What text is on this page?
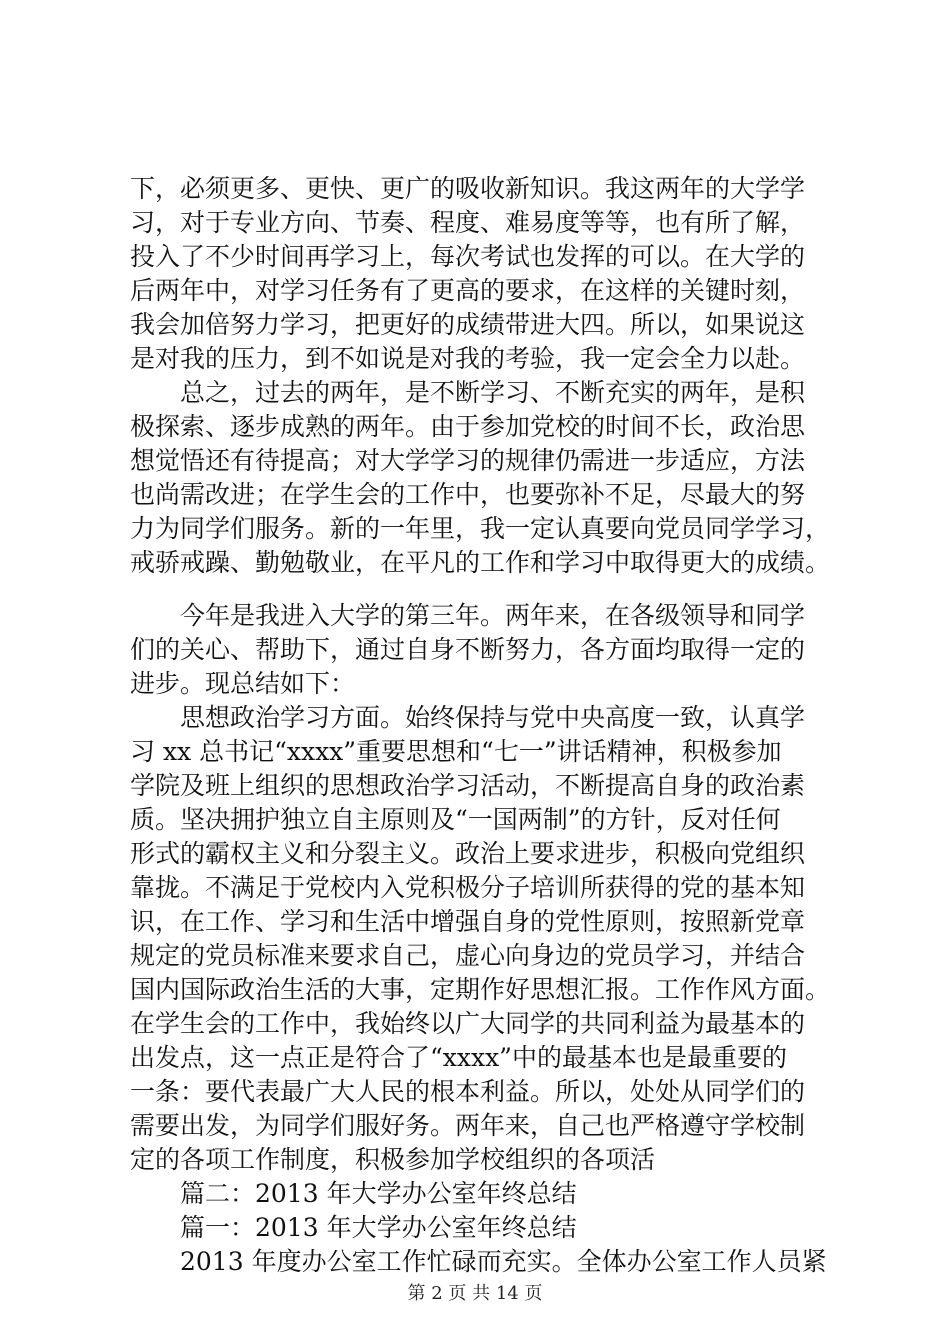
下，必须更多、更快、更广的吸收新知识。我这两年的大学学
习，对于专业方向、节奏、程度、难易度等等，也有所了解，
投入了不少时间再学习上，每次考试也发挥的可以。在大学的
后两年中，对学习任务有了更高的要求，在这样的关键时刻，
我会加倍努力学习，把更好的成绩带进大四。所以，如果说这
是对我的压力，到不如说是对我的考验，我一定会全力以赴。
　　总之，过去的两年，是不断学习、不断充实的两年，是积
极探索、逐步成熟的两年。由于参加党校的时间不长，政治思
想觉悟还有待提高；对大学学习的规律仍需进一步适应，方法
也尚需改进；在学生会的工作中，也要弥补不足，尽最大的努
力为同学们服务。新的一年里，我一定认真要向党员同学学习，
戒骄戒躁、勤勉敬业，在平凡的工作和学习中取得更大的成绩。
　　今年是我进入大学的第三年。两年来，在各级领导和同学
们的关心、帮助下，通过自身不断努力，各方面均取得一定的
进步。现总结如下：
　　思想政治学习方面。始终保持与党中央高度一致，认真学
习 xx 总书记“xxxx”重要思想和“七一”讲话精神，积极参加
学院及班上组织的思想政治学习活动，不断提高自身的政治素
质。坚决拥护独立自主原则及“一国两制”的方针，反对任何
形式的霸权主义和分裂主义。政治上要求进步，积极向党组织
靠拢。不满足于党校内入党积极分子培训所获得的党的基本知
识，在工作、学习和生活中增强自身的党性原则，按照新党章
规定的党员标准来要求自己，虚心向身边的党员学习，并结合
国内国际政治生活的大事，定期作好思想汇报。工作作风方面。
在学生会的工作中，我始终以广大同学的共同利益为最基本的
出发点，这一点正是符合了“xxxx”中的最基本也是最重要的
一条：要代表最广大人民的根本利益。所以，处处从同学们的
需要出发，为同学们服好务。两年来，自己也严格遵守学校制
定的各项工作制度，积极参加学校组织的各项活
　　篇二：2013 年大学办公室年终总结
　　篇一：2013 年大学办公室年终总结
　　2013 年度办公室工作忙碌而充实。全体办公室工作人员紧
第 2 页 共 14 页
